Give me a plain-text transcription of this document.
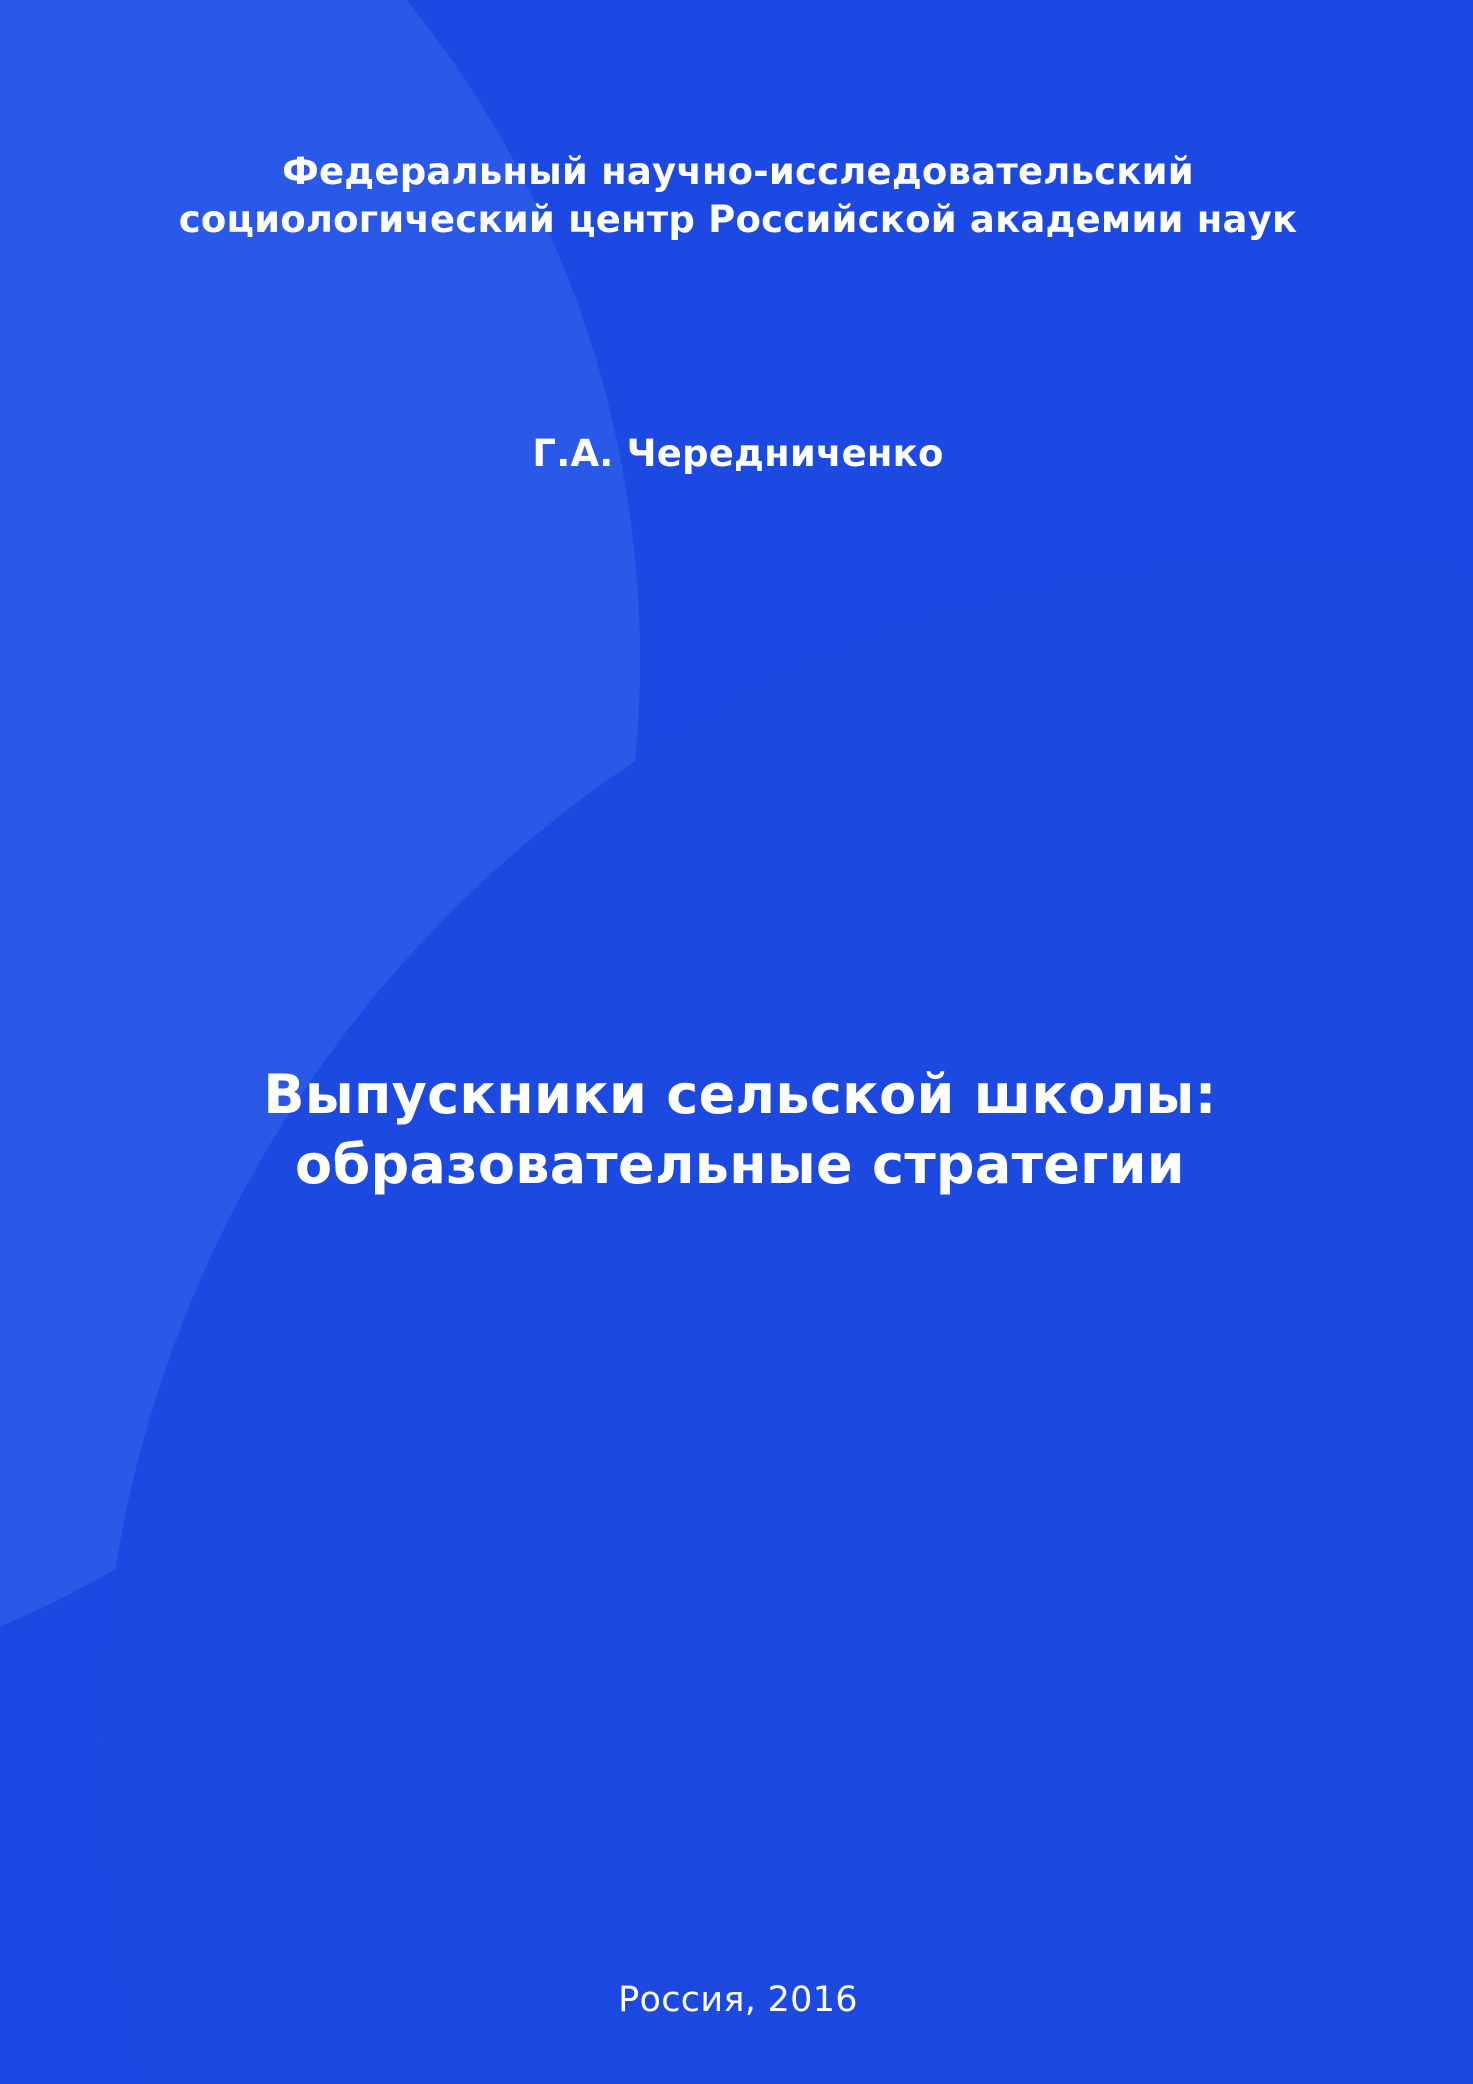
Федеральный научно-исследовательский социологический центр Российской академии наук
Г.А. Чередниченко
Выпускники сельской школы: образовательные стратегии
Россия, 2016
